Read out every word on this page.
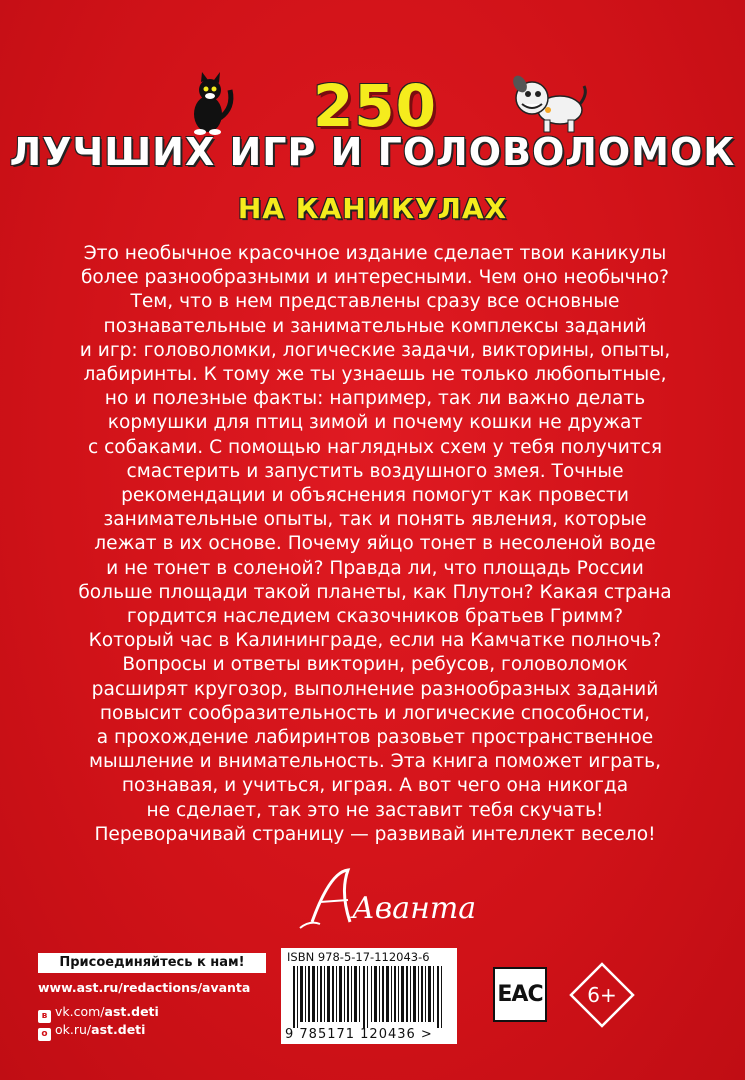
250
ЛУЧШИХ ИГР И ГОЛОВОЛОМОК
НА КАНИКУЛАХ
Это необычное красочное издание сделает твои каникулы
более разнообразными и интересными. Чем оно необычно?
Тем, что в нем представлены сразу все основные
познавательные и занимательные комплексы заданий
и игр: головоломки, логические задачи, викторины, опыты,
лабиринты. К тому же ты узнаешь не только любопытные,
но и полезные факты: например, так ли важно делать
кормушки для птиц зимой и почему кошки не дружат
с собаками. С помощью наглядных схем у тебя получится
смастерить и запустить воздушного змея. Точные
рекомендации и объяснения помогут как провести
занимательные опыты, так и понять явления, которые
лежат в их основе. Почему яйцо тонет в несоленой воде
и не тонет в соленой? Правда ли, что площадь России
больше площади такой планеты, как Плутон? Какая страна
гордится наследием сказочников братьев Гримм?
Который час в Калининграде, если на Камчатке полночь?
Вопросы и ответы викторин, ребусов, головоломок
расширят кругозор, выполнение разнообразных заданий
повысит сообразительность и логические способности,
а прохождение лабиринтов разовьет пространственное
мышление и внимательность. Эта книга поможет играть,
познавая, и учиться, играя. А вот чего она никогда
не сделает, так это не заставит тебя скучать!
Переворачивай страницу — развивай интеллект весело!
Аванта
Присоединяйтесь к нам!
www.ast.ru/redactions/avanta
в vk.com/ast.deti
о ok.ru/ast.deti
ISBN 978-5-17-112043-6
9 785171 120436 >
EAC	6+
